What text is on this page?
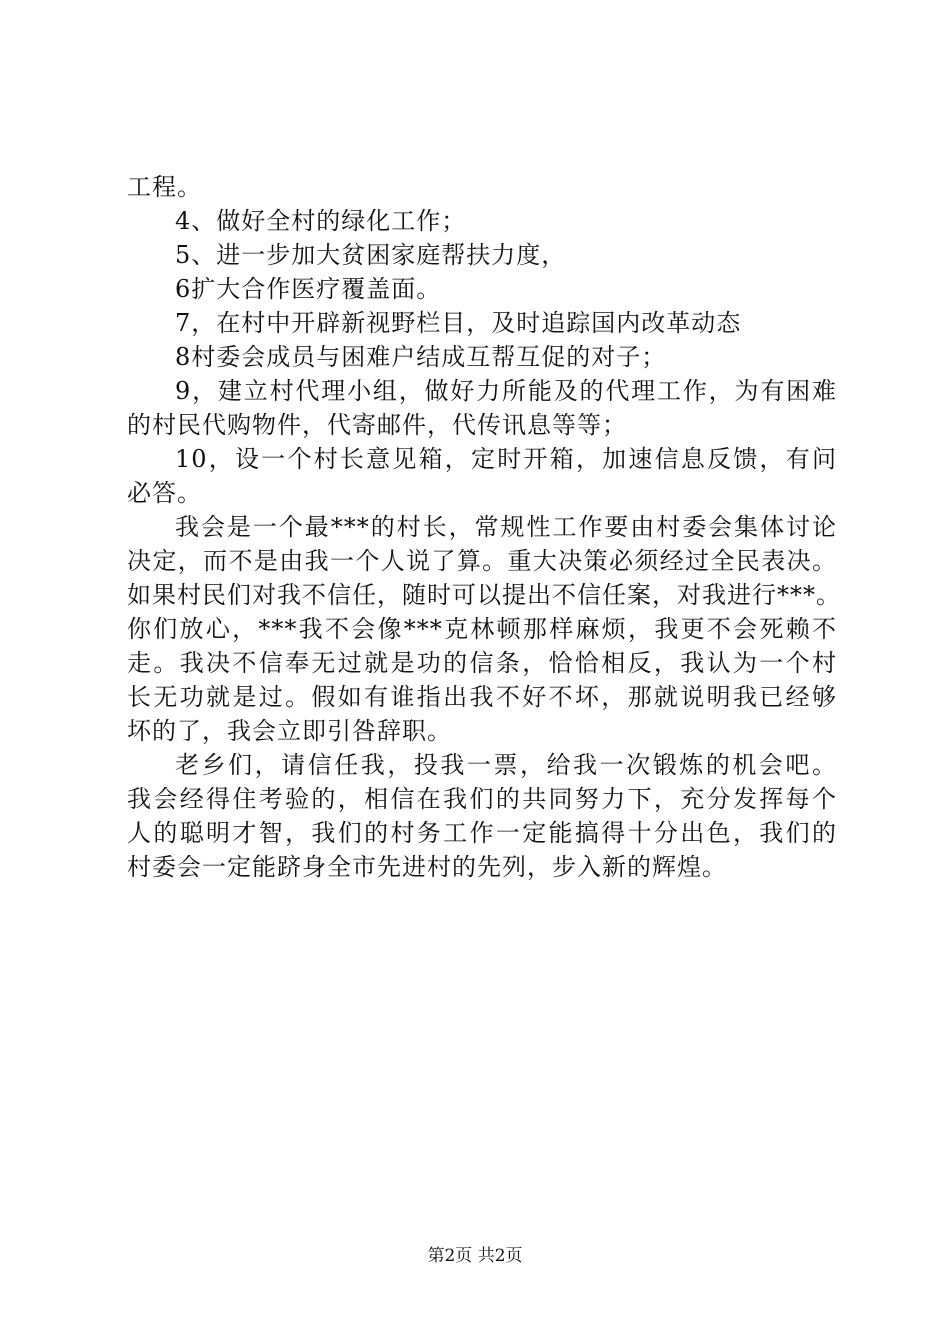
工程。

4、做好全村的绿化工作；

5、进一步加大贫困家庭帮扶力度，

6扩大合作医疗覆盖面。

7，在村中开辟新视野栏目，及时追踪国内改革动态

8村委会成员与困难户结成互帮互促的对子；

9，建立村代理小组，做好力所能及的代理工作，为有困难

的村民代购物件，代寄邮件，代传讯息等等；

10，设一个村长意见箱，定时开箱，加速信息反馈，有问

必答。

我会是一个最***的村长，常规性工作要由村委会集体讨论

决定，而不是由我一个人说了算。重大决策必须经过全民表决。

如果村民们对我不信任，随时可以提出不信任案，对我进行***。

你们放心，***我不会像***克林顿那样麻烦，我更不会死赖不

走。我决不信奉无过就是功的信条，恰恰相反，我认为一个村

长无功就是过。假如有谁指出我不好不坏，那就说明我已经够

坏的了，我会立即引咎辞职。

老乡们，请信任我，投我一票，给我一次锻炼的机会吧。

我会经得住考验的，相信在我们的共同努力下，充分发挥每个

人的聪明才智，我们的村务工作一定能搞得十分出色，我们的

村委会一定能跻身全市先进村的先列，步入新的辉煌。

第2页 共2页
